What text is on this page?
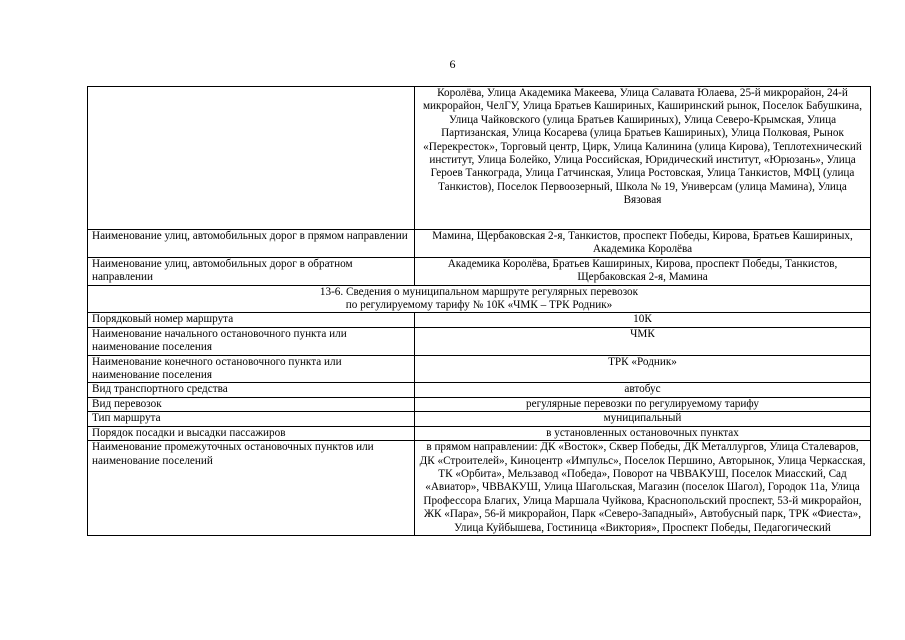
6
	Королёва, Улица Академика Макеева, Улица Салавата Юлаева, 25-й микрорайон, 24-й микрорайон, ЧелГУ, Улица Братьев Кашириных, Каширинский рынок, Поселок Бабушкина, Улица Чайковского (улица Братьев Кашириных), Улица Северо-Крымская, Улица Партизанская, Улица Косарева (улица Братьев Кашириных), Улица Полковая, Рынок «Перекресток», Торговый центр, Цирк, Улица Калинина (улица Кирова), Теплотехнический институт, Улица Болейко, Улица Российская, Юридический институт, «Юрюзань», Улица Героев Танкограда, Улица Гатчинская, Улица Ростовская, Улица Танкистов, МФЦ (улица Танкистов), Поселок Первоозерный, Школа № 19, Универсам (улица Мамина), Улица Вязовая
Наименование улиц, автомобильных дорог в прямом направлении	Мамина, Щербаковская 2-я, Танкистов, проспект Победы, Кирова, Братьев Кашириных, Академика Королёва
Наименование улиц, автомобильных дорог в обратном направлении	Академика Королёва, Братьев Кашириных, Кирова, проспект Победы, Танкистов, Щербаковская 2-я, Мамина

13-6. Сведения о муниципальном маршруте регулярных перевозок
по регулируемому тарифу № 10К «ЧМК – ТРК Родник»	

Порядковый номер маршрута	10К
Наименование начального остановочного пункта или наименование поселения	ЧМК
Наименование конечного остановочного пункта или наименование поселения	ТРК «Родник»
Вид транспортного средства	автобус
Вид перевозок	регулярные перевозки по регулируемому тарифу
Тип маршрута	муниципальный
Порядок посадки и высадки пассажиров	в установленных остановочных пунктах
Наименование промежуточных остановочных пунктов или наименование поселений	в прямом направлении: ДК «Восток», Сквер Победы, ДК Металлургов, Улица Сталеваров, ДК «Строителей», Киноцентр «Импульс», Поселок Першино, Авторынок, Улица Черкасская, ТК «Орбита», Мельзавод «Победа», Поворот на ЧВВАКУШ, Поселок Миасский, Сад «Авиатор», ЧВВАКУШ, Улица Шагольская, Магазин (поселок Шагол), Городок 11а, Улица Профессора Благих, Улица Маршала Чуйкова, Краснопольский проспект, 53-й микрорайон, ЖК «Пара», 56-й микрорайон, Парк «Северо-Западный», Автобусный парк, ТРК «Фиеста», Улица Куйбышева, Гостиница «Виктория», Проспект Победы, Педагогический
